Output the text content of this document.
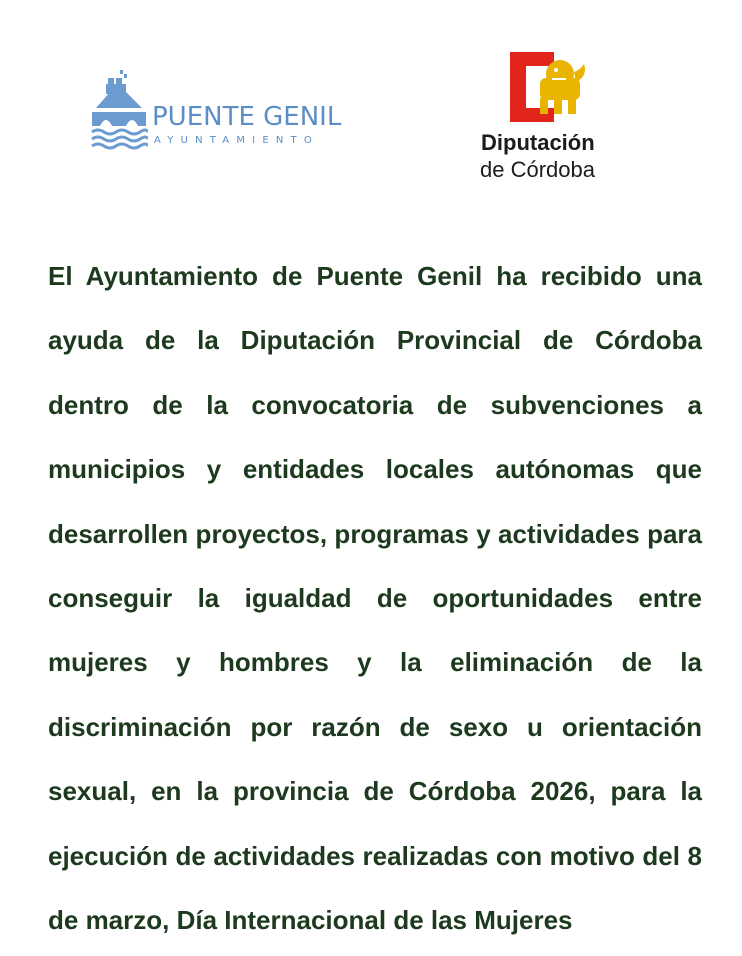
PUENTE GENIL
AYUNTAMIENTO	Diputación
de Córdoba

El Ayuntamiento de Puente Genil ha recibido una ayuda de la Diputación Provincial de Córdoba dentro de la convocatoria de subvenciones a municipios y entidades locales autónomas que desarrollen proyectos, programas y actividades para conseguir la igualdad de oportunidades entre mujeres y hombres y la eliminación de la discriminación por razón de sexo u orientación sexual, en la provincia de Córdoba 2026, para la ejecución de actividades realizadas con motivo del 8 de marzo, Día Internacional de las Mujeres
